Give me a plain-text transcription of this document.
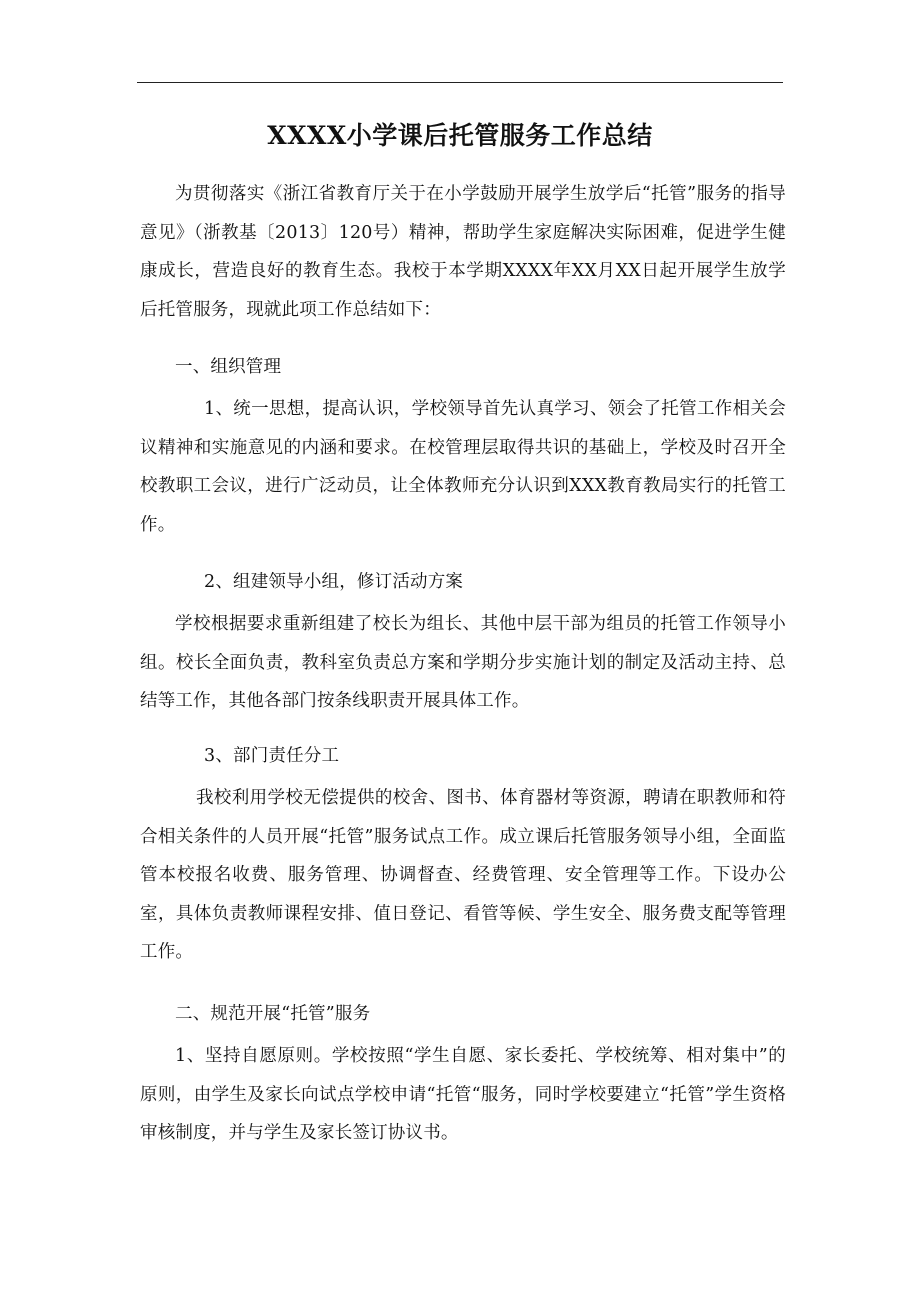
XXXX小学课后托管服务工作总结

为贯彻落实《浙江省教育厅关于在小学鼓励开展学生放学后“托管”服务的指导意见》（浙教基〔2013〕120号）精神，帮助学生家庭解决实际困难，促进学生健康成长，营造良好的教育生态。我校于本学期XXXX年XX月XX日起开展学生放学后托管服务，现就此项工作总结如下：

一、组织管理

1、统一思想，提高认识，学校领导首先认真学习、领会了托管工作相关会议精神和实施意见的内涵和要求。在校管理层取得共识的基础上，学校及时召开全校教职工会议，进行广泛动员，让全体教师充分认识到XXX教育教局实行的托管工作。

2、组建领导小组，修订活动方案

学校根据要求重新组建了校长为组长、其他中层干部为组员的托管工作领导小组。校长全面负责，教科室负责总方案和学期分步实施计划的制定及活动主持、总结等工作，其他各部门按条线职责开展具体工作。

3、部门责任分工

我校利用学校无偿提供的校舍、图书、体育器材等资源，聘请在职教师和符合相关条件的人员开展“托管”服务试点工作。成立课后托管服务领导小组，全面监管本校报名收费、服务管理、协调督查、经费管理、安全管理等工作。下设办公室，具体负责教师课程安排、值日登记、看管等候、学生安全、服务费支配等管理工作。

二、规范开展“托管”服务

1、坚持自愿原则。学校按照“学生自愿、家长委托、学校统筹、相对集中”的原则，由学生及家长向试点学校申请“托管“服务，同时学校要建立“托管”学生资格审核制度，并与学生及家长签订协议书。
